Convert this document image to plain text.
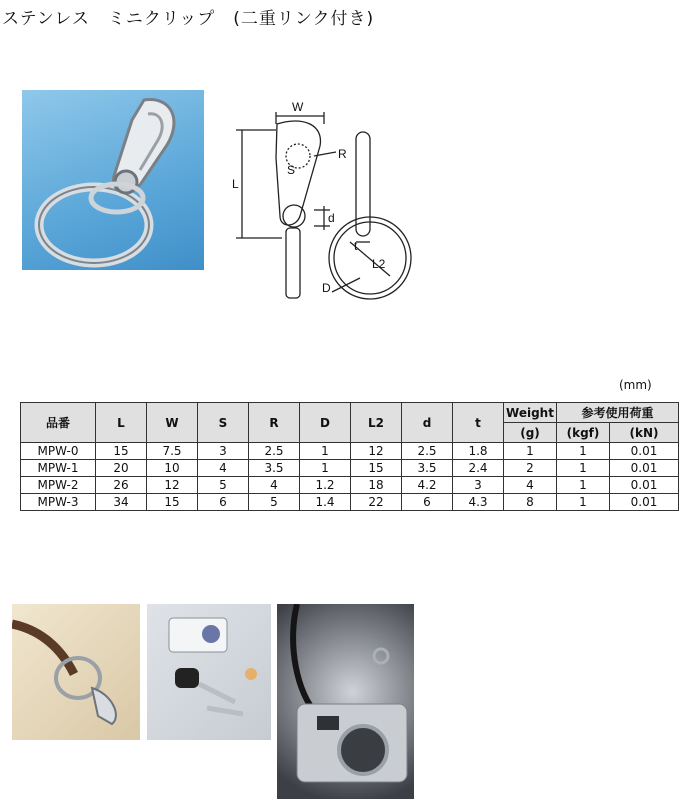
ステンレス　ミニクリップ　(二重リンク付き)
W
R
S
L
d
t
L2
D
(mm)
品番	L	W	S	R	D	L2	d	t	Weight	参考使用荷重	
									(g)	(kgf)	(kN)
MPW-0	15	7.5	3	2.5	1	12	2.5	1.8	1	1	0.01
MPW-1	20	10	4	3.5	1	15	3.5	2.4	2	1	0.01
MPW-2	26	12	5	4	1.2	18	4.2	3	4	1	0.01
MPW-3	34	15	6	5	1.4	22	6	4.3	8	1	0.01
